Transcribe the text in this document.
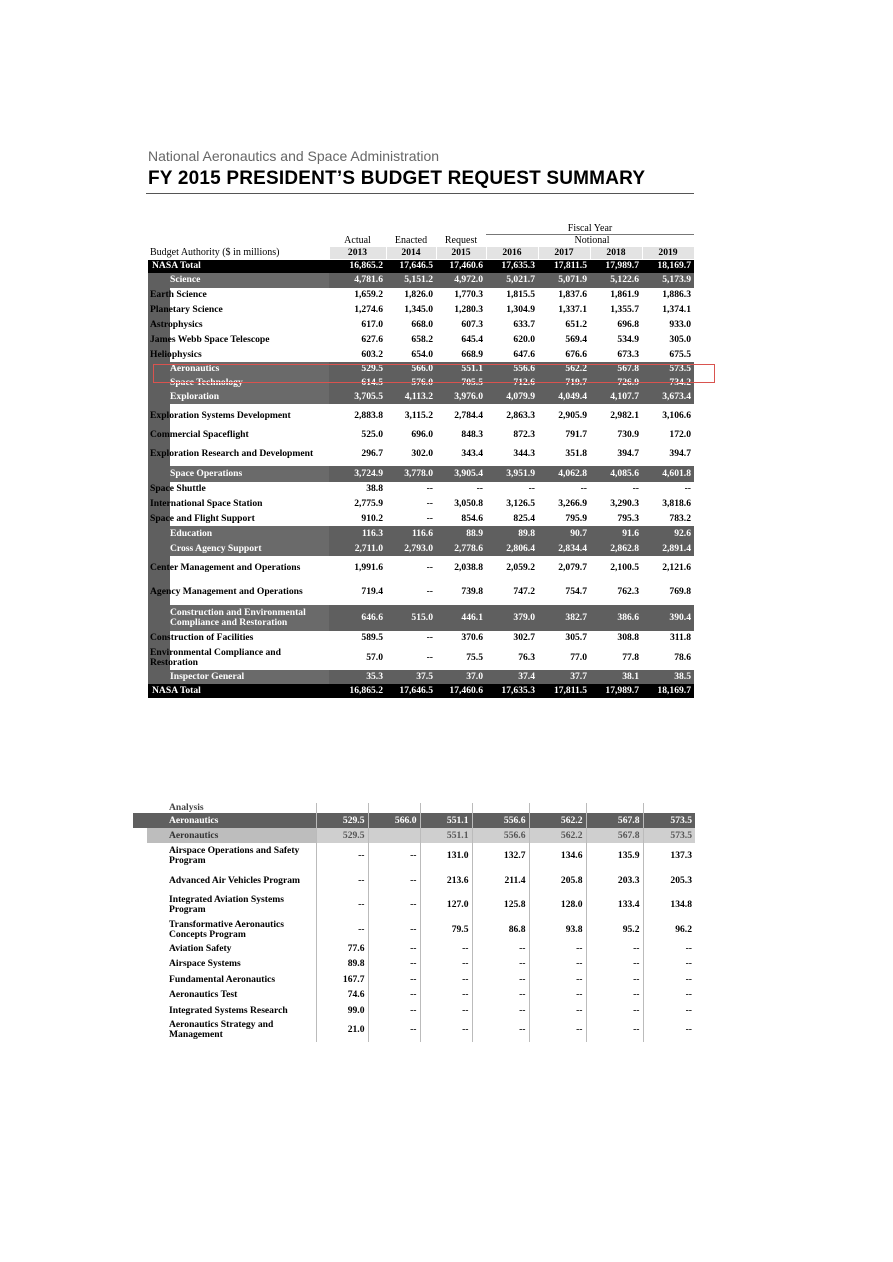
National Aeronautics and Space Administration
FY 2015 PRESIDENT’S BUDGET REQUEST SUMMARY
Fiscal Year
Actual	Enacted	Request	Notional
Budget Authority ($ in millions)	2013	2014	2015	2016	2017	2018	2019
NASA Total	16,865.2	17,646.5	17,460.6	17,635.3	17,811.5	17,989.7	18,169.7
Science	4,781.6	5,151.2	4,972.0	5,021.7	5,071.9	5,122.6	5,173.9
Earth Science	1,659.2	1,826.0	1,770.3	1,815.5	1,837.6	1,861.9	1,886.3
Planetary Science	1,274.6	1,345.0	1,280.3	1,304.9	1,337.1	1,355.7	1,374.1
Astrophysics	617.0	668.0	607.3	633.7	651.2	696.8	933.0
James Webb Space Telescope	627.6	658.2	645.4	620.0	569.4	534.9	305.0
Heliophysics	603.2	654.0	668.9	647.6	676.6	673.3	675.5
Aeronautics	529.5	566.0	551.1	556.6	562.2	567.8	573.5
Space Technology	614.5	576.0	705.5	712.6	719.7	726.9	734.2
Exploration	3,705.5	4,113.2	3,976.0	4,079.9	4,049.4	4,107.7	3,673.4
Exploration Systems Development	2,883.8	3,115.2	2,784.4	2,863.3	2,905.9	2,982.1	3,106.6
Commercial Spaceflight	525.0	696.0	848.3	872.3	791.7	730.9	172.0
Exploration Research and Development	296.7	302.0	343.4	344.3	351.8	394.7	394.7
Space Operations	3,724.9	3,778.0	3,905.4	3,951.9	4,062.8	4,085.6	4,601.8
Space Shuttle	38.8	--	--	--	--	--	--
International Space Station	2,775.9	--	3,050.8	3,126.5	3,266.9	3,290.3	3,818.6
Space and Flight Support	910.2	--	854.6	825.4	795.9	795.3	783.2
Education	116.3	116.6	88.9	89.8	90.7	91.6	92.6
Cross Agency Support	2,711.0	2,793.0	2,778.6	2,806.4	2,834.4	2,862.8	2,891.4
Center Management and Operations	1,991.6	--	2,038.8	2,059.2	2,079.7	2,100.5	2,121.6
Agency Management and Operations	719.4	--	739.8	747.2	754.7	762.3	769.8
Construction and Environmental Compliance and Restoration	646.6	515.0	446.1	379.0	382.7	386.6	390.4
Construction of Facilities	589.5	--	370.6	302.7	305.7	308.8	311.8
Environmental Compliance and Restoration	57.0	--	75.5	76.3	77.0	77.8	78.6
Inspector General	35.3	37.5	37.0	37.4	37.7	38.1	38.5
NASA Total	16,865.2	17,646.5	17,460.6	17,635.3	17,811.5	17,989.7	18,169.7
Analysis							
Aeronautics	529.5	566.0	551.1	556.6	562.2	567.8	573.5
Aeronautics	529.5		551.1	556.6	562.2	567.8	573.5
Airspace Operations and Safety Program	--	--	131.0	132.7	134.6	135.9	137.3
Advanced Air Vehicles Program	--	--	213.6	211.4	205.8	203.3	205.3
Integrated Aviation Systems Program	--	--	127.0	125.8	128.0	133.4	134.8
Transformative Aeronautics Concepts Program	--	--	79.5	86.8	93.8	95.2	96.2
Aviation Safety	77.6	--	--	--	--	--	--
Airspace Systems	89.8	--	--	--	--	--	--
Fundamental Aeronautics	167.7	--	--	--	--	--	--
Aeronautics Test	74.6	--	--	--	--	--	--
Integrated Systems Research	99.0	--	--	--	--	--	--
Aeronautics Strategy and Management	21.0	--	--	--	--	--	--
